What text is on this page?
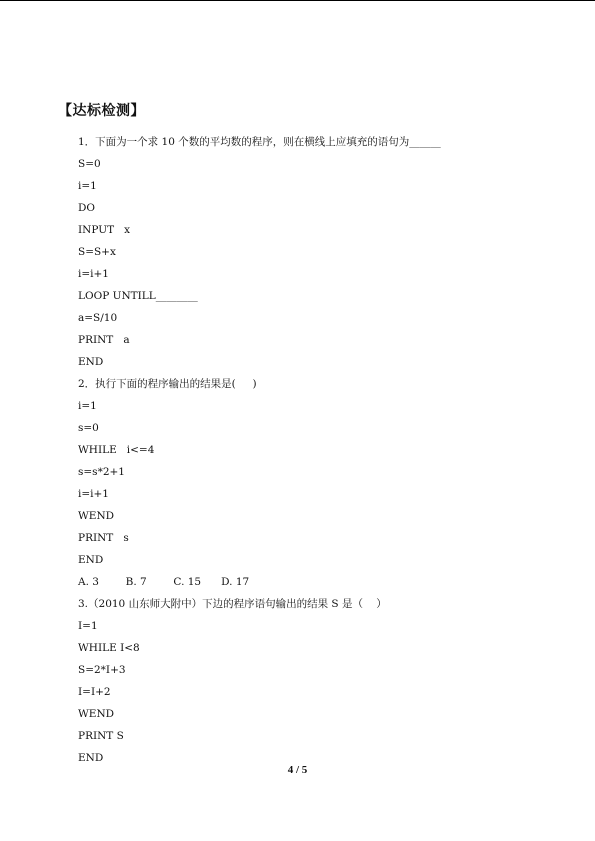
【达标检测】
1．下面为一个求 10 个数的平均数的程序，则在横线上应填充的语句为______
S=0
i=1
DO
INPUT   x
S=S+x
i=i+1
LOOP UNTILL________
a=S/10
PRINT   a
END
2．执行下面的程序输出的结果是(     )
i=1
s=0
WHILE   i<=4
s=s*2+1
i=i+1
WEND
PRINT   s
END
A. 3        B. 7        C. 15      D. 17
3.（2010 山东师大附中）下边的程序语句输出的结果 S 是（    ）
I=1
WHILE I<8
S=2*I+3
I=I+2
WEND
PRINT S
END
4 / 5
